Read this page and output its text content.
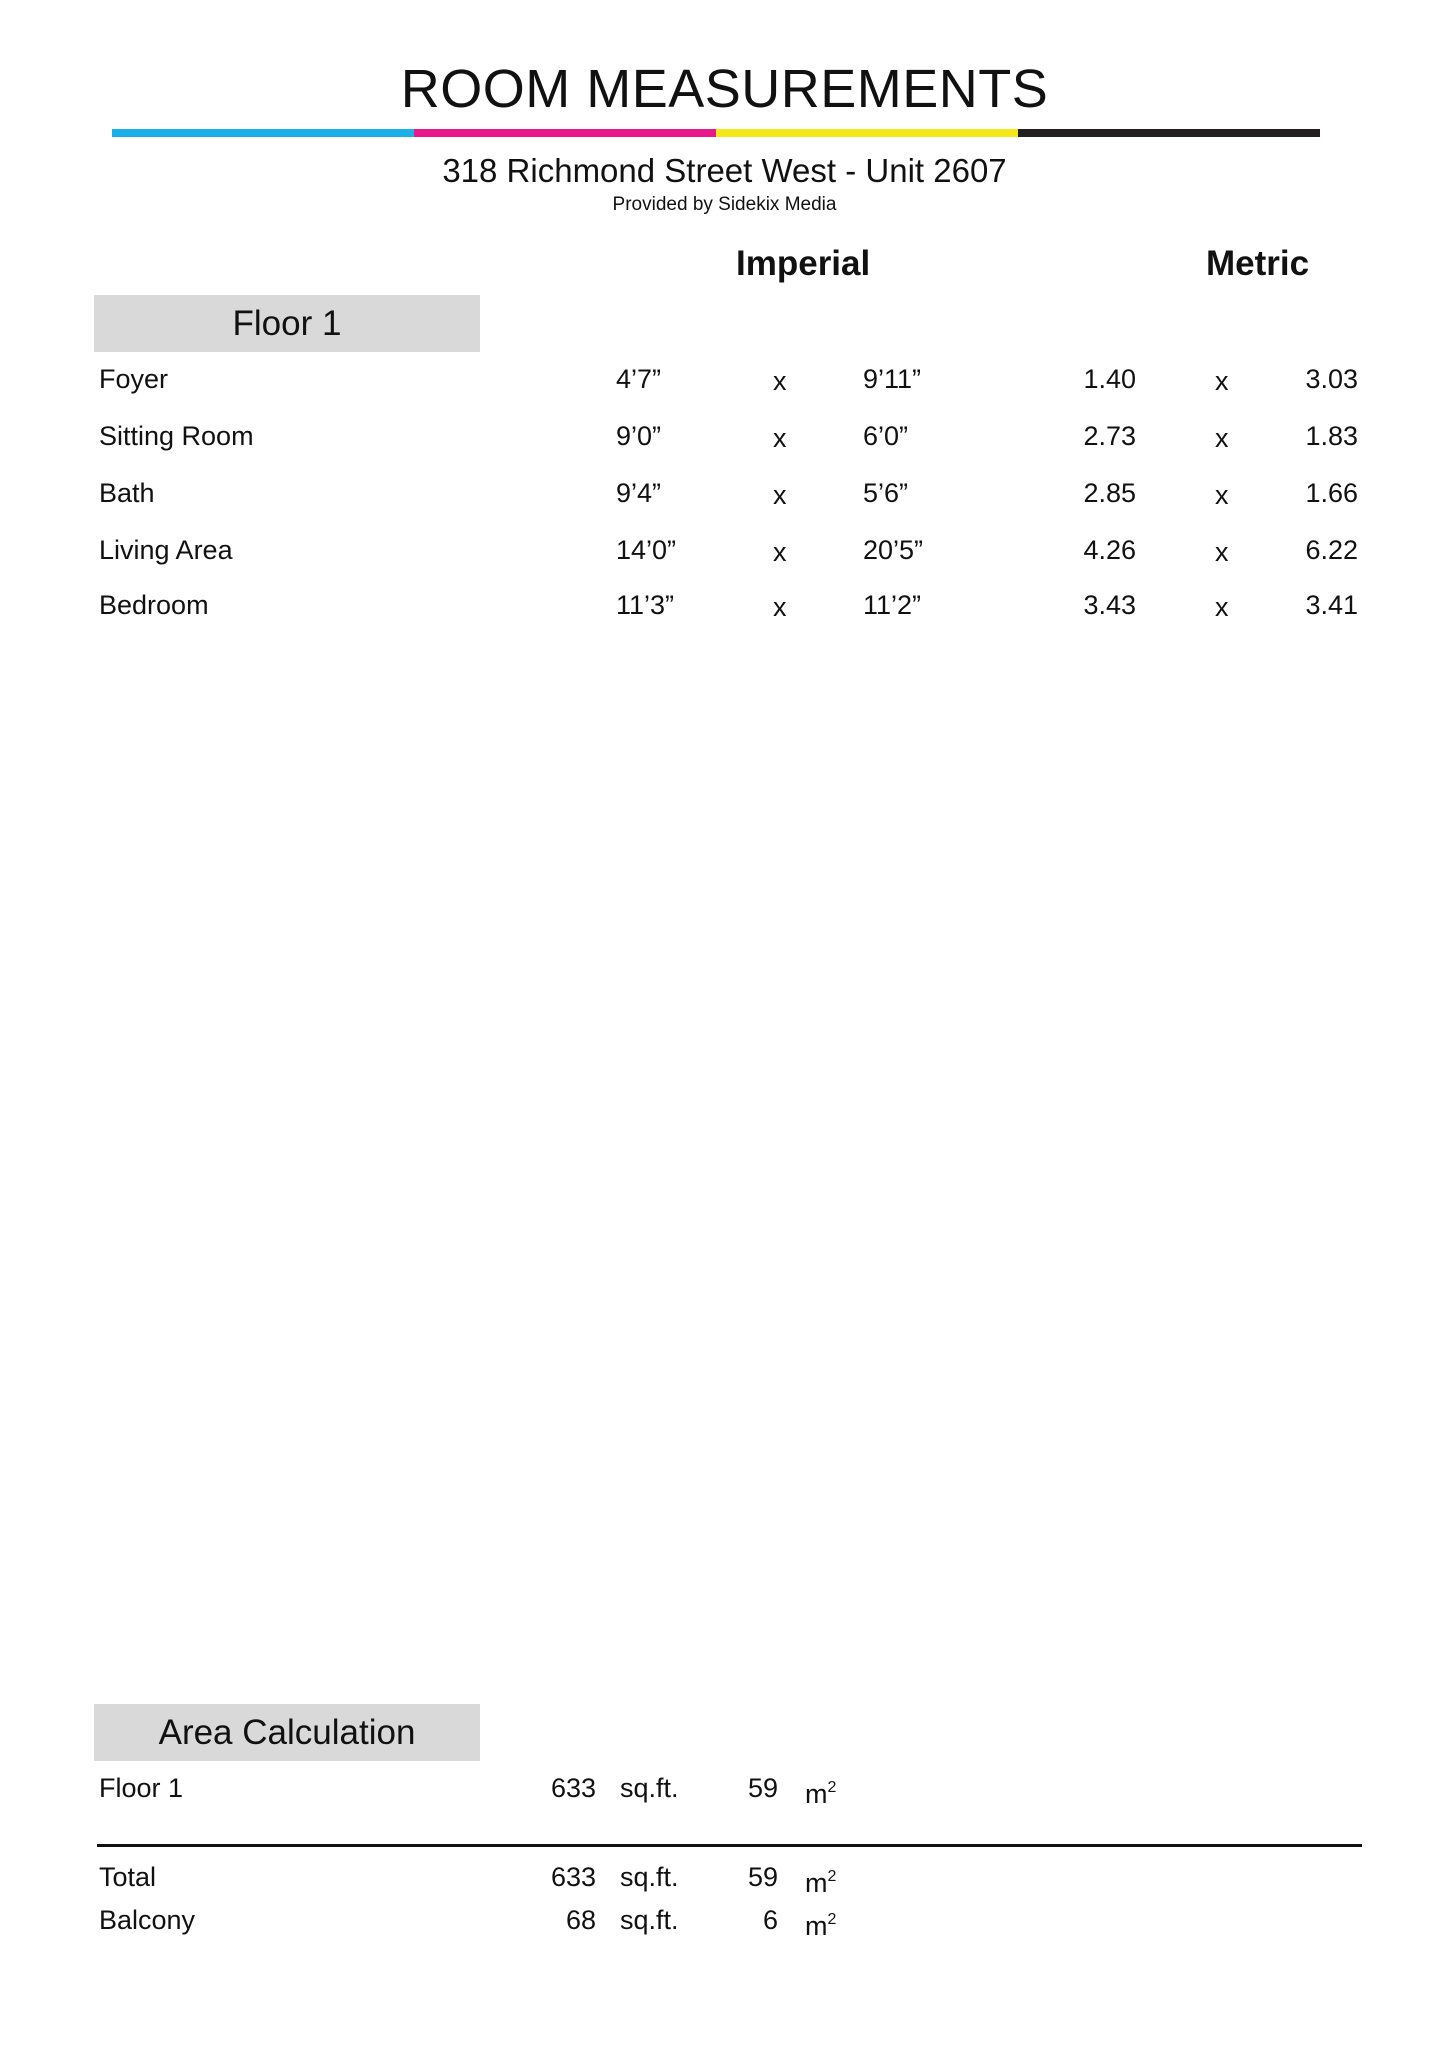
ROOM MEASUREMENTS
318 Richmond Street West - Unit 2607
Provided by Sidekix Media
Imperial	Metric
Floor 1
Foyer	4’7”	x	9’11”	1.40	x	3.03
Sitting Room	9’0”	x	6’0”	2.73	x	1.83
Bath	9’4”	x	5’6”	2.85	x	1.66
Living Area	14’0”	x	20’5”	4.26	x	6.22
Bedroom	11’3”	x	11’2”	3.43	x	3.41
Area Calculation
Floor 1	633 sq.ft.	59 $m^2$
Total	633 sq.ft.	59 $m^2$
Balcony	68 sq.ft.	6 $m^2$
